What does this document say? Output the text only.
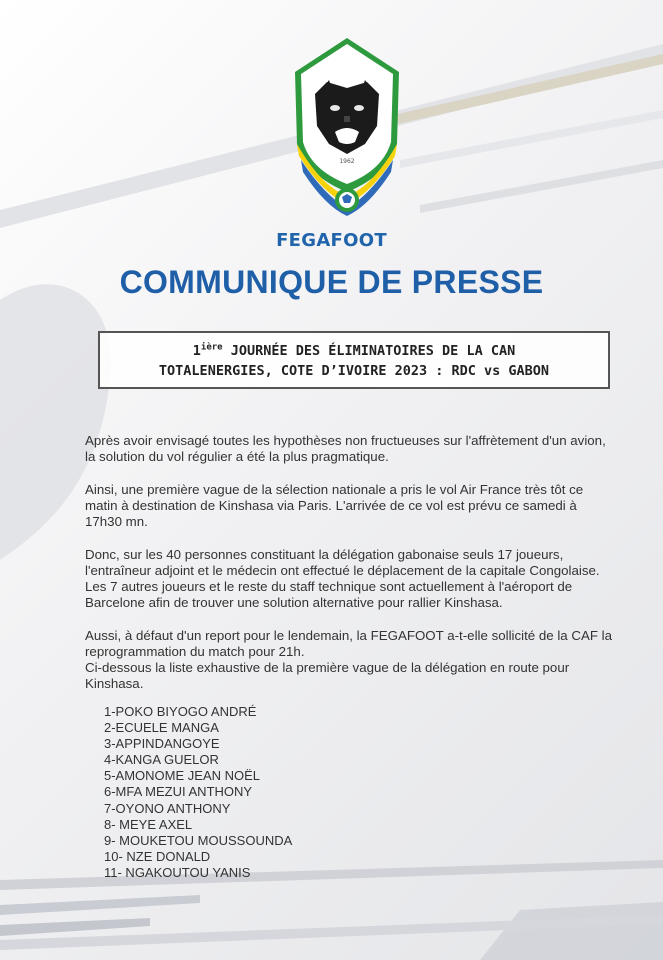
1962
FEGAFOOT
COMMUNIQUE DE PRESSE
$1^{ière}$ JOURNÉE DES ÉLIMINATOIRES DE LA CAN
TOTALENERGIES, COTE D’IVOIRE 2023 : RDC vs GABON

Après avoir envisagé toutes les hypothèses non fructueuses sur l'affrètement d'un avion, la solution du vol régulier a été la plus pragmatique.

Ainsi, une première vague de la sélection nationale a pris le vol Air France très tôt ce matin à destination de Kinshasa via Paris. L'arrivée de ce vol est prévu ce samedi à 17h30 mn.

Donc, sur les 40 personnes constituant la délégation gabonaise seuls 17 joueurs, l'entraîneur adjoint et le médecin ont effectué le déplacement de la capitale Congolaise. Les 7 autres joueurs et le reste du staff technique sont actuellement à l'aéroport de Barcelone afin de trouver une solution alternative pour rallier Kinshasa.

Aussi, à défaut d'un report pour le lendemain, la FEGAFOOT a-t-elle sollicité de la CAF la reprogrammation du match pour 21h.

Ci-dessous la liste exhaustive de la première vague de la délégation en route pour Kinshasa.

1-POKO BIYOGO ANDRÉ
2-ECUELE MANGA
3-APPINDANGOYE
4-KANGA GUELOR
5-AMONOME JEAN NOËL
6-MFA MEZUI ANTHONY
7-OYONO ANTHONY
8- MEYE AXEL
9- MOUKETOU MOUSSOUNDA
10- NZE DONALD
11- NGAKOUTOU YANIS
